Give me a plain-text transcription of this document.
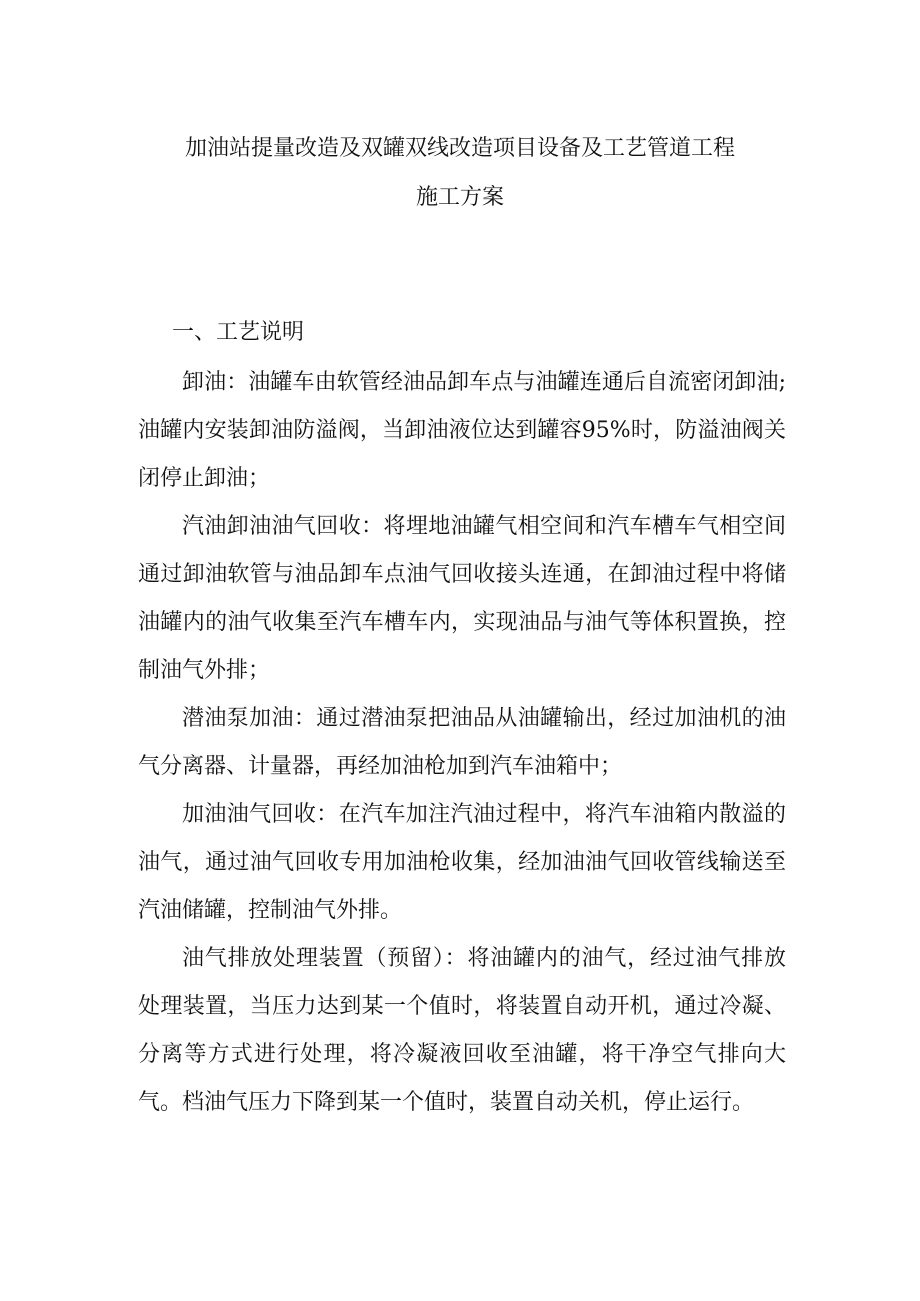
加油站提量改造及双罐双线改造项目设备及工艺管道工程
施工方案
一、工艺说明

卸油：油罐车由软管经油品卸车点与油罐连通后自流密闭卸油;油罐内安装卸油防溢阀，当卸油液位达到罐容95%时，防溢油阀关闭停止卸油；

汽油卸油油气回收：将埋地油罐气相空间和汽车槽车气相空间通过卸油软管与油品卸车点油气回收接头连通，在卸油过程中将储油罐内的油气收集至汽车槽车内，实现油品与油气等体积置换，控制油气外排；

潜油泵加油：通过潜油泵把油品从油罐输出，经过加油机的油气分离器、计量器，再经加油枪加到汽车油箱中；

加油油气回收：在汽车加注汽油过程中，将汽车油箱内散溢的油气，通过油气回收专用加油枪收集，经加油油气回收管线输送至汽油储罐，控制油气外排。

油气排放处理装置（预留）：将油罐内的油气，经过油气排放处理装置，当压力达到某一个值时，将装置自动开机，通过冷凝、分离等方式进行处理，将冷凝液回收至油罐，将干净空气排向大气。档油气压力下降到某一个值时，装置自动关机，停止运行。
